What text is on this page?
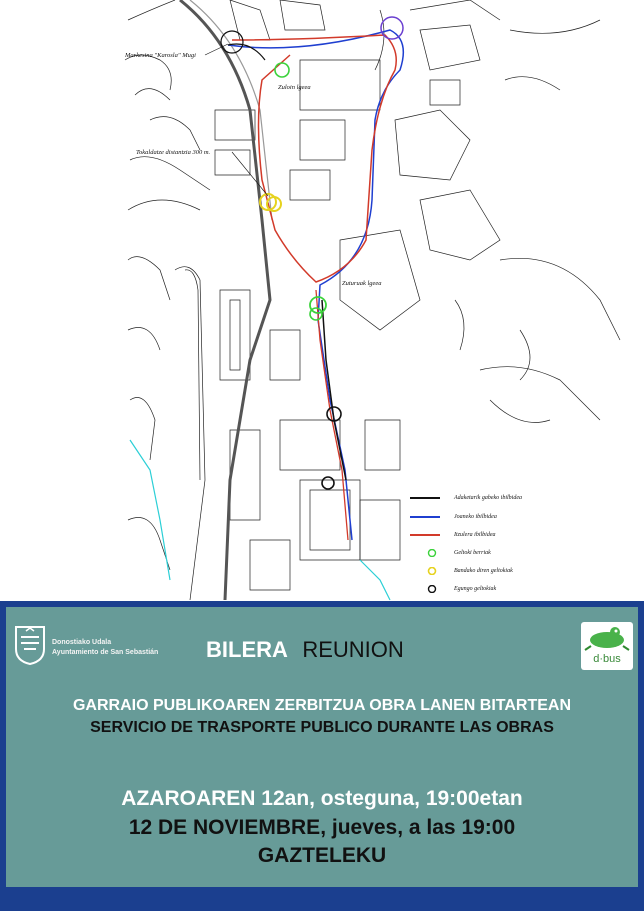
Markesina "Karosla" Mugi
Zuloin lgeea
Tokaldatze distantzia 300 m.
Zuturuak lgeea
Adaketarik gabeko ibilbidea
Joaneko ibilbidea
Itzulera ibilbidea
Geltoki berriak
Bandako diren geltokiak
Egungo geltokiak
Donostiako Udala
Ayuntamiento de San Sebastián BILERA REUNION	d·bus
GARRAIO PUBLIKOAREN ZERBITZUA OBRA LANEN BITARTEAN
SERVICIO DE TRASPORTE PUBLICO DURANTE LAS OBRAS
AZAROAREN 12an, osteguna, 19:00etan
12 DE NOVIEMBRE, jueves, a las 19:00
GAZTELEKU
